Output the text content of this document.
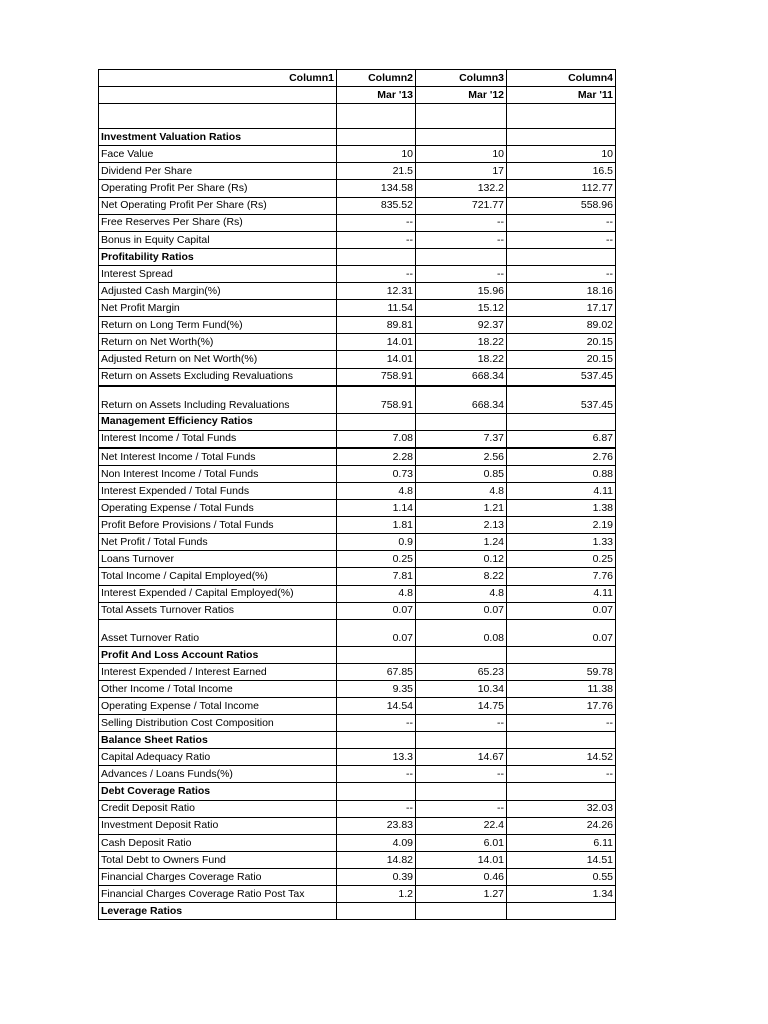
Column1	Column2	Column3	Column4
	Mar '13	Mar '12	Mar '11

Investment Valuation Ratios			
Face Value	10	10	10
Dividend Per Share	21.5	17	16.5
Operating Profit Per Share (Rs)	134.58	132.2	112.77
Net Operating Profit Per Share (Rs)	835.52	721.77	558.96
Free Reserves Per Share (Rs)	--	--	--
Bonus in Equity Capital	--	--	--
Profitability Ratios			
Interest Spread	--	--	--
Adjusted Cash Margin(%)	12.31	15.96	18.16
Net Profit Margin	11.54	15.12	17.17
Return on Long Term Fund(%)	89.81	92.37	89.02
Return on Net Worth(%)	14.01	18.22	20.15
Adjusted Return on Net Worth(%)	14.01	18.22	20.15
Return on Assets Excluding Revaluations	758.91	668.34	537.45
Return on Assets Including Revaluations	758.91	668.34	537.45
Management Efficiency Ratios			
Interest Income / Total Funds	7.08	7.37	6.87
Net Interest Income / Total Funds	2.28	2.56	2.76
Non Interest Income / Total Funds	0.73	0.85	0.88
Interest Expended / Total Funds	4.8	4.8	4.11
Operating Expense / Total Funds	1.14	1.21	1.38
Profit Before Provisions / Total Funds	1.81	2.13	2.19
Net Profit / Total Funds	0.9	1.24	1.33
Loans Turnover	0.25	0.12	0.25
Total Income / Capital Employed(%)	7.81	8.22	7.76
Interest Expended / Capital Employed(%)	4.8	4.8	4.11
Total Assets Turnover Ratios	0.07	0.07	0.07
Asset Turnover Ratio	0.07	0.08	0.07
Profit And Loss Account Ratios			
Interest Expended / Interest Earned	67.85	65.23	59.78
Other Income / Total Income	9.35	10.34	11.38
Operating Expense / Total Income	14.54	14.75	17.76
Selling Distribution Cost Composition	--	--	--
Balance Sheet Ratios			
Capital Adequacy Ratio	13.3	14.67	14.52
Advances / Loans Funds(%)	--	--	--
Debt Coverage Ratios			
Credit Deposit Ratio	--	--	32.03
Investment Deposit Ratio	23.83	22.4	24.26
Cash Deposit Ratio	4.09	6.01	6.11
Total Debt to Owners Fund	14.82	14.01	14.51
Financial Charges Coverage Ratio	0.39	0.46	0.55
Financial Charges Coverage Ratio Post Tax	1.2	1.27	1.34
Leverage Ratios			
